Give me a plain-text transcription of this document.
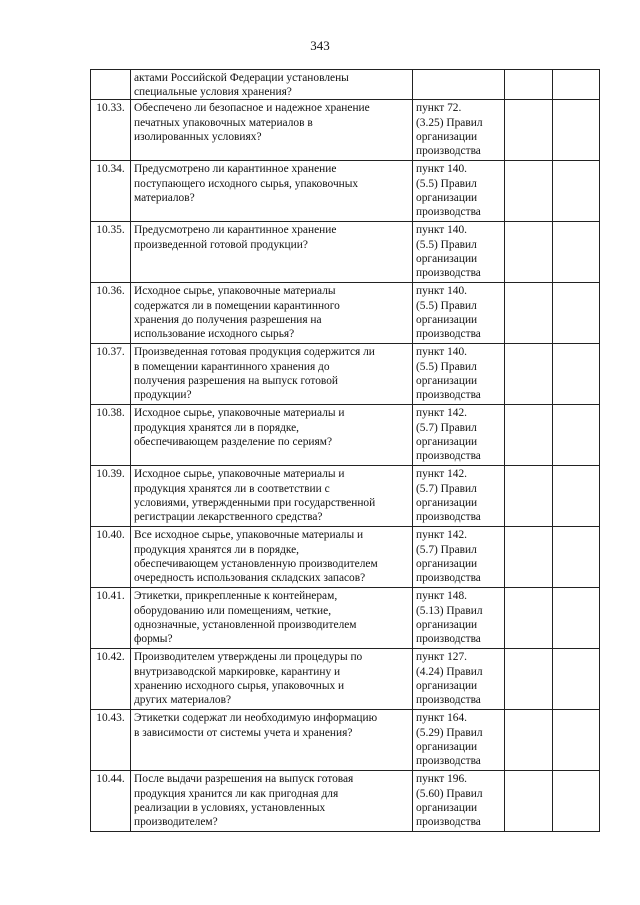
343

	актами Российской Федерации установлены
специальные условия хранения?			

10.33.	Обеспечено ли безопасное и надежное хранение
печатных упаковочных материалов в
изолированных условиях?	пункт 72.
(3.25) Правил
организации
производства		

10.34.	Предусмотрено ли карантинное хранение
поступающего исходного сырья, упаковочных
материалов?	пункт 140.
(5.5) Правил
организации
производства		

10.35.	Предусмотрено ли карантинное хранение
произведенной готовой продукции?	пункт 140.
(5.5) Правил
организации
производства		

10.36.	Исходное сырье, упаковочные материалы
содержатся ли в помещении карантинного
хранения до получения разрешения на
использование исходного сырья?	пункт 140.
(5.5) Правил
организации
производства		

10.37.	Произведенная готовая продукция содержится ли
в помещении карантинного хранения до
получения разрешения на выпуск готовой
продукции?	пункт 140.
(5.5) Правил
организации
производства		

10.38.	Исходное сырье, упаковочные материалы и
продукция хранятся ли в порядке,
обеспечивающем разделение по сериям?	пункт 142.
(5.7) Правил
организации
производства		

10.39.	Исходное сырье, упаковочные материалы и
продукция хранятся ли в соответствии с
условиями, утвержденными при государственной
регистрации лекарственного средства?	пункт 142.
(5.7) Правил
организации
производства		

10.40.	Все исходное сырье, упаковочные материалы и
продукция хранятся ли в порядке,
обеспечивающем установленную производителем
очередность использования складских запасов?	пункт 142.
(5.7) Правил
организации
производства		

10.41.	Этикетки, прикрепленные к контейнерам,
оборудованию или помещениям, четкие,
однозначные, установленной производителем
формы?	пункт 148.
(5.13) Правил
организации
производства		

10.42.	Производителем утверждены ли процедуры по
внутризаводской маркировке, карантину и
хранению исходного сырья, упаковочных и
других материалов?	пункт 127.
(4.24) Правил
организации
производства		

10.43.	Этикетки содержат ли необходимую информацию
в зависимости от системы учета и хранения?	пункт 164.
(5.29) Правил
организации
производства		

10.44.	После выдачи разрешения на выпуск готовая
продукция хранится ли как пригодная для
реализации в условиях, установленных
производителем?	пункт 196.
(5.60) Правил
организации
производства		
